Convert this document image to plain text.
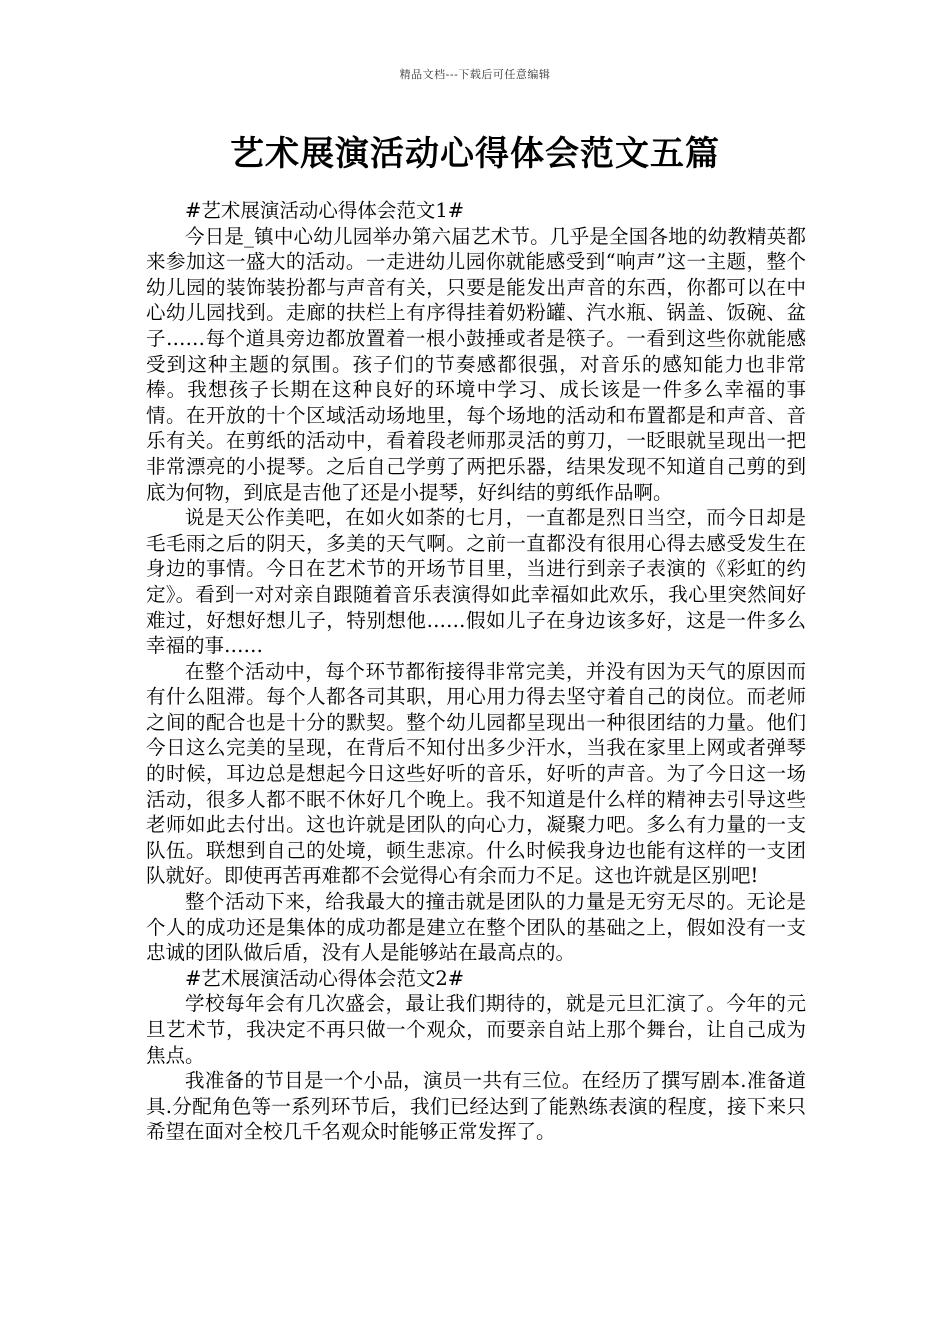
精品文档---下载后可任意编辑
艺术展演活动心得体会范文五篇

#艺术展演活动心得体会范文1#

今日是_镇中心幼儿园举办第六届艺术节。几乎是全国各地的幼教精英都来参加这一盛大的活动。一走进幼儿园你就能感受到“响声”这一主题，整个幼儿园的装饰装扮都与声音有关，只要是能发出声音的东西，你都可以在中心幼儿园找到。走廊的扶栏上有序得挂着奶粉罐、汽水瓶、锅盖、饭碗、盆子……每个道具旁边都放置着一根小鼓捶或者是筷子。一看到这些你就能感受到这种主题的氛围。孩子们的节奏感都很强，对音乐的感知能力也非常棒。我想孩子长期在这种良好的环境中学习、成长该是一件多么幸福的事情。在开放的十个区域活动场地里，每个场地的活动和布置都是和声音、音乐有关。在剪纸的活动中，看着段老师那灵活的剪刀，一眨眼就呈现出一把非常漂亮的小提琴。之后自己学剪了两把乐器，结果发现不知道自己剪的到底为何物，到底是吉他了还是小提琴，好纠结的剪纸作品啊。

说是天公作美吧，在如火如荼的七月，一直都是烈日当空，而今日却是毛毛雨之后的阴天，多美的天气啊。之前一直都没有很用心得去感受发生在身边的事情。今日在艺术节的开场节目里，当进行到亲子表演的《彩虹的约定》。看到一对对亲自跟随着音乐表演得如此幸福如此欢乐，我心里突然间好难过，好想好想儿子，特别想他……假如儿子在身边该多好，这是一件多么幸福的事……

在整个活动中，每个环节都衔接得非常完美，并没有因为天气的原因而有什么阻滞。每个人都各司其职，用心用力得去坚守着自己的岗位。而老师之间的配合也是十分的默契。整个幼儿园都呈现出一种很团结的力量。他们今日这么完美的呈现，在背后不知付出多少汗水，当我在家里上网或者弹琴的时候，耳边总是想起今日这些好听的音乐，好听的声音。为了今日这一场活动，很多人都不眠不休好几个晚上。我不知道是什么样的精神去引导这些老师如此去付出。这也许就是团队的向心力，凝聚力吧。多么有力量的一支队伍。联想到自己的处境，顿生悲凉。什么时候我身边也能有这样的一支团队就好。即使再苦再难都不会觉得心有余而力不足。这也许就是区别吧!

整个活动下来，给我最大的撞击就是团队的力量是无穷无尽的。无论是个人的成功还是集体的成功都是建立在整个团队的基础之上，假如没有一支忠诚的团队做后盾，没有人是能够站在最高点的。

#艺术展演活动心得体会范文2#

学校每年会有几次盛会，最让我们期待的，就是元旦汇演了。今年的元旦艺术节，我决定不再只做一个观众，而要亲自站上那个舞台，让自己成为焦点。

我准备的节目是一个小品，演员一共有三位。在经历了撰写剧本.准备道具.分配角色等一系列环节后，我们已经达到了能熟练表演的程度，接下来只希望在面对全校几千名观众时能够正常发挥了。
